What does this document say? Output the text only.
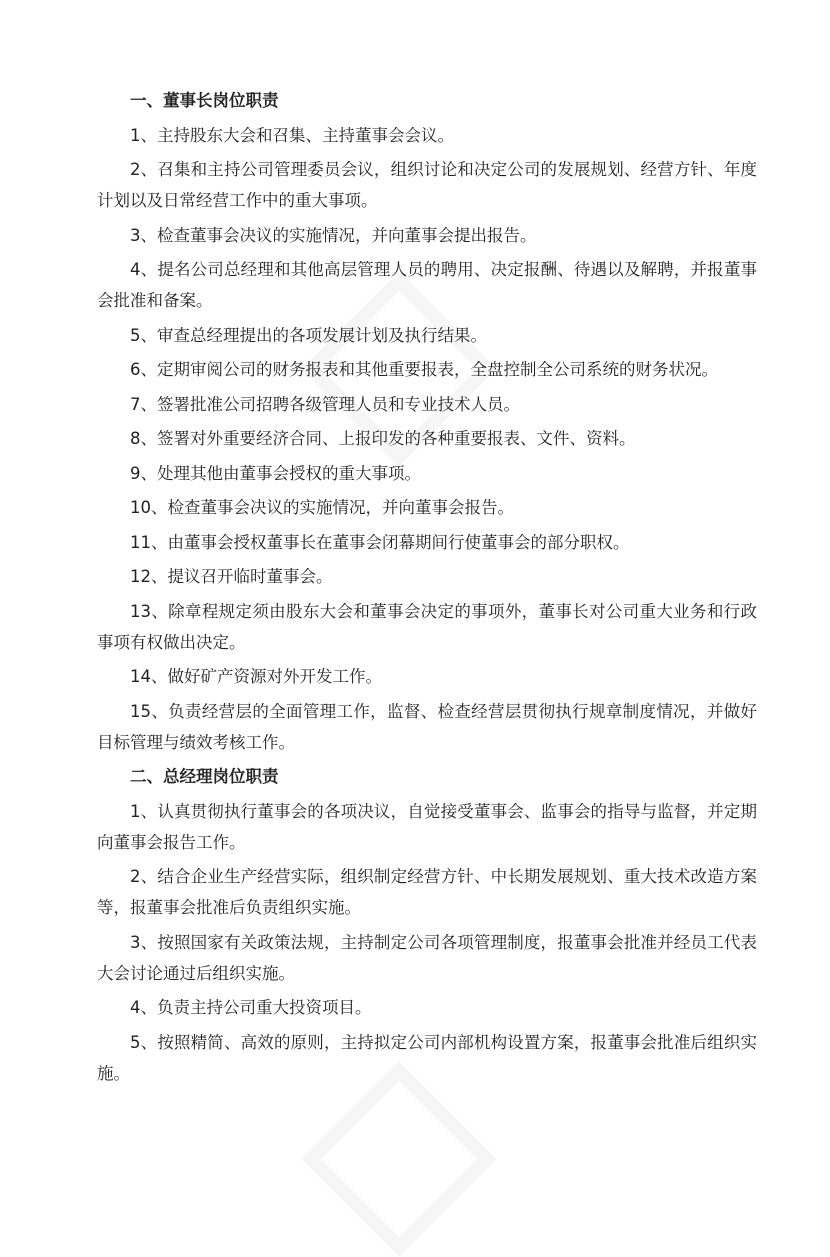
一、董事长岗位职责

1、主持股东大会和召集、主持董事会会议。

2、召集和主持公司管理委员会议，组织讨论和决定公司的发展规划、经营方针、年度计划以及日常经营工作中的重大事项。

3、检查董事会决议的实施情况，并向董事会提出报告。

4、提名公司总经理和其他高层管理人员的聘用、决定报酬、待遇以及解聘，并报董事会批准和备案。

5、审查总经理提出的各项发展计划及执行结果。

6、定期审阅公司的财务报表和其他重要报表，全盘控制全公司系统的财务状况。

7、签署批准公司招聘各级管理人员和专业技术人员。

8、签署对外重要经济合同、上报印发的各种重要报表、文件、资料。

9、处理其他由董事会授权的重大事项。

10、检查董事会决议的实施情况，并向董事会报告。

11、由董事会授权董事长在董事会闭幕期间行使董事会的部分职权。

12、提议召开临时董事会。

13、除章程规定须由股东大会和董事会决定的事项外，董事长对公司重大业务和行政事项有权做出决定。

14、做好矿产资源对外开发工作。

15、负责经营层的全面管理工作，监督、检查经营层贯彻执行规章制度情况，并做好目标管理与绩效考核工作。

二、总经理岗位职责

1、认真贯彻执行董事会的各项决议，自觉接受董事会、监事会的指导与监督，并定期向董事会报告工作。

2、结合企业生产经营实际，组织制定经营方针、中长期发展规划、重大技术改造方案等，报董事会批准后负责组织实施。

3、按照国家有关政策法规，主持制定公司各项管理制度，报董事会批准并经员工代表大会讨论通过后组织实施。

4、负责主持公司重大投资项目。

5、按照精简、高效的原则，主持拟定公司内部机构设置方案，报董事会批准后组织实施。
